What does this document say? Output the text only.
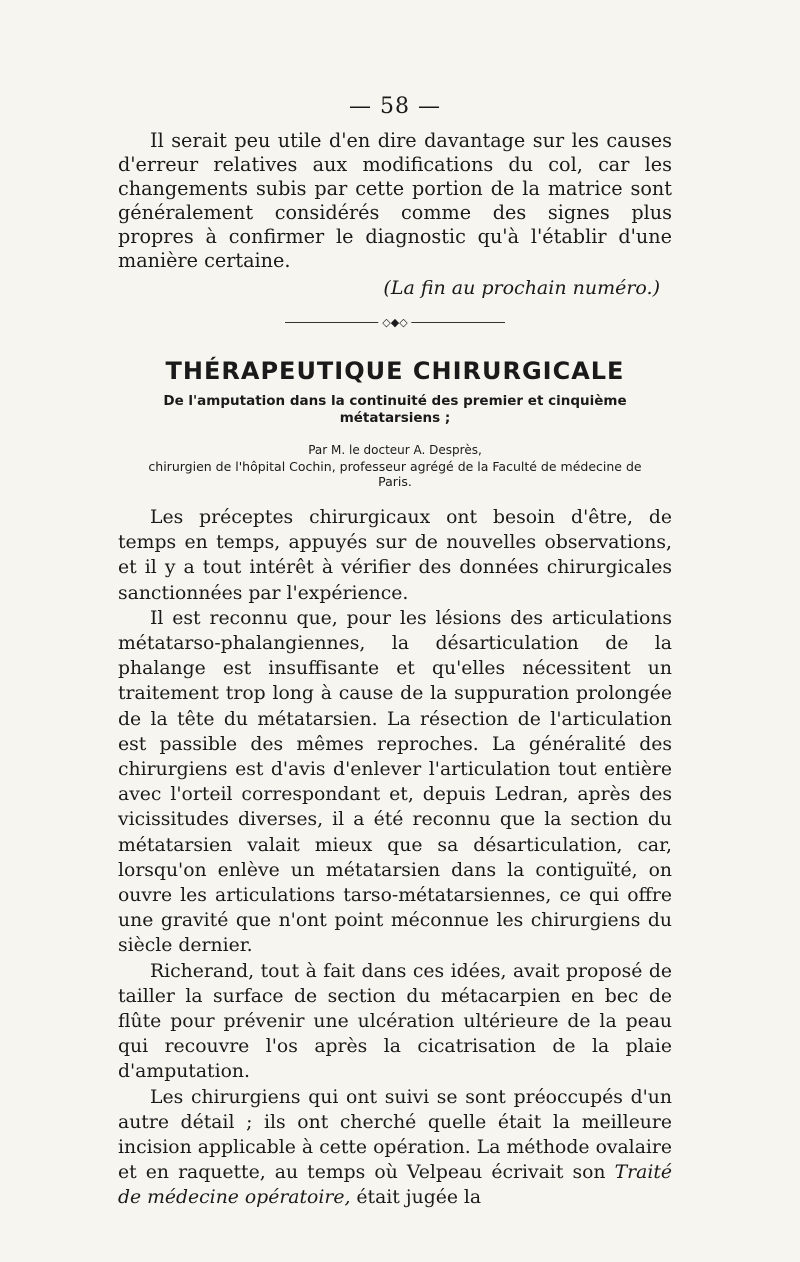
— 58 —

Il serait peu utile d'en dire davantage sur les causes d'erreur relatives aux modifications du col, car les changements subis par cette portion de la matrice sont généralement considérés comme des signes plus propres à confirmer le diagnostic qu'à l'établir d'une manière certaine.

(La fin au prochain numéro.)

◇◆◇
THÉRAPEUTIQUE CHIRURGICALE
De l'amputation dans la continuité des premier et cinquième métatarsiens ;
Par M. le docteur A. Desprès,
chirurgien de l'hôpital Cochin, professeur agrégé de la Faculté de médecine de Paris.

Les préceptes chirurgicaux ont besoin d'être, de temps en temps, appuyés sur de nouvelles observations, et il y a tout intérêt à vérifier des données chirurgicales sanctionnées par l'expérience.

Il est reconnu que, pour les lésions des articulations métatarso-phalangiennes, la désarticulation de la phalange est insuffisante et qu'elles nécessitent un traitement trop long à cause de la suppuration prolongée de la tête du métatarsien. La résection de l'articulation est passible des mêmes reproches. La généralité des chirurgiens est d'avis d'enlever l'articulation tout entière avec l'orteil correspondant et, depuis Ledran, après des vicissitudes diverses, il a été reconnu que la section du métatarsien valait mieux que sa désarticulation, car, lorsqu'on enlève un métatarsien dans la contiguïté, on ouvre les articulations tarso-métatarsiennes, ce qui offre une gravité que n'ont point méconnue les chirurgiens du siècle dernier.

Richerand, tout à fait dans ces idées, avait proposé de tailler la surface de section du métacarpien en bec de flûte pour prévenir une ulcération ultérieure de la peau qui recouvre l'os après la cicatrisation de la plaie d'amputation.

Les chirurgiens qui ont suivi se sont préoccupés d'un autre détail ; ils ont cherché quelle était la meilleure incision applicable à cette opération. La méthode ovalaire et en raquette, au temps où Velpeau écrivait son Traité de médecine opératoire, était jugée la
